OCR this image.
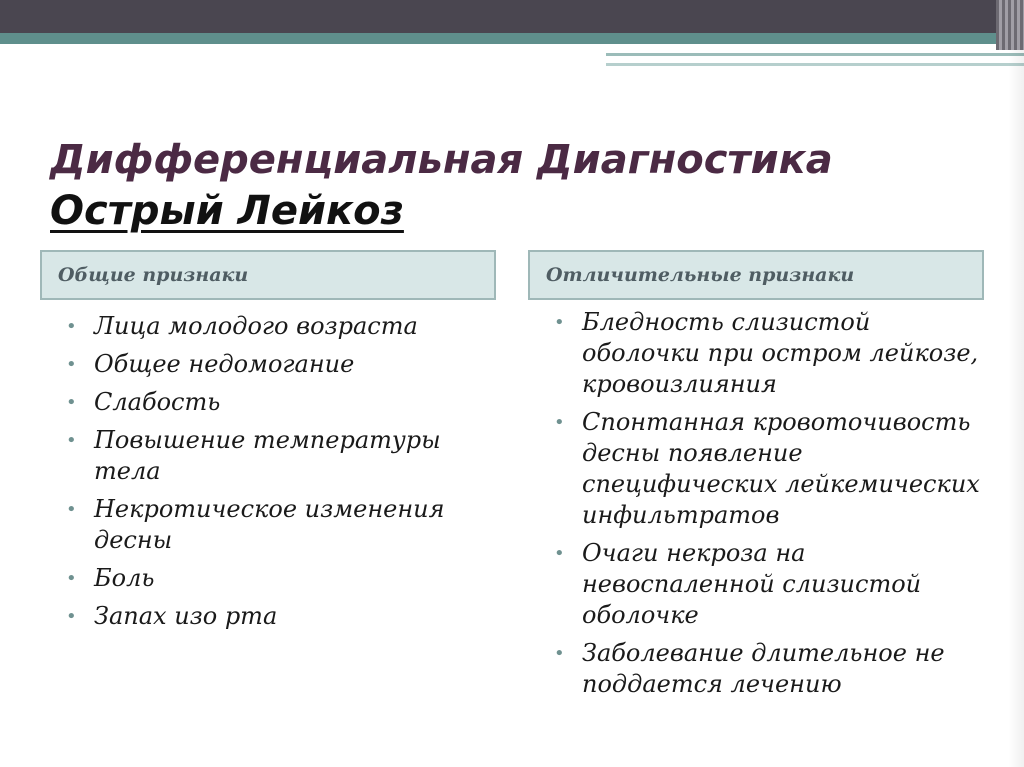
Дифференциальная Диагностика
Острый Лейкоз
Общие признаки	Отличительные признаки
• Лица молодого возраста
• Общее недомогание
• Слабость
• Повышение температуры тела
• Некротическое изменения десны
• Боль
• Запах изо рта
• Бледность слизистой оболочки при остром лейкозе, кровоизлияния
• Спонтанная кровоточивость десны появление специфических лейкемических инфильтратов
• Очаги некроза на невоспаленной слизистой оболочке
• Заболевание длительное не поддается лечению
